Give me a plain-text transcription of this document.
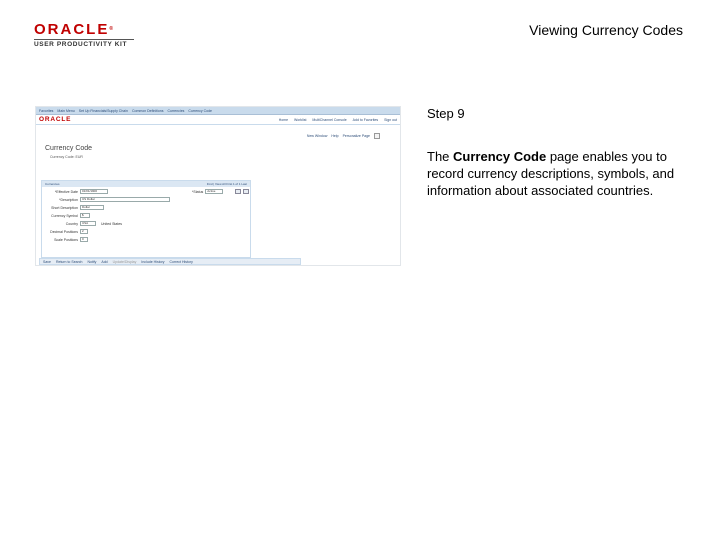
ORACLE®
USER PRODUCTIVITY KIT
Viewing Currency Codes
Favorites Main Menu Set Up Financials/Supply Chain Common Definitions Currencies Currency Code
ORACLE	Home Worklist MultiChannel Console Add to Favorites Sign out
New Window Help Personalize Page
Currency Code
Currency Code: EUR
Currencies	Find | View All First 1 of 1 Last
*Effective Date	01/01/1900	*Status	Active
*Description	US Dollar
Short Description	Dollar
Currency Symbol	$
Country	USA	United States
Decimal Positions	2
Scale Positions	0
Save Return to Search Notify Add Update/Display Include History Correct History
Step 9
The Currency Code page enables you to record currency descriptions, symbols, and information about associated countries.
